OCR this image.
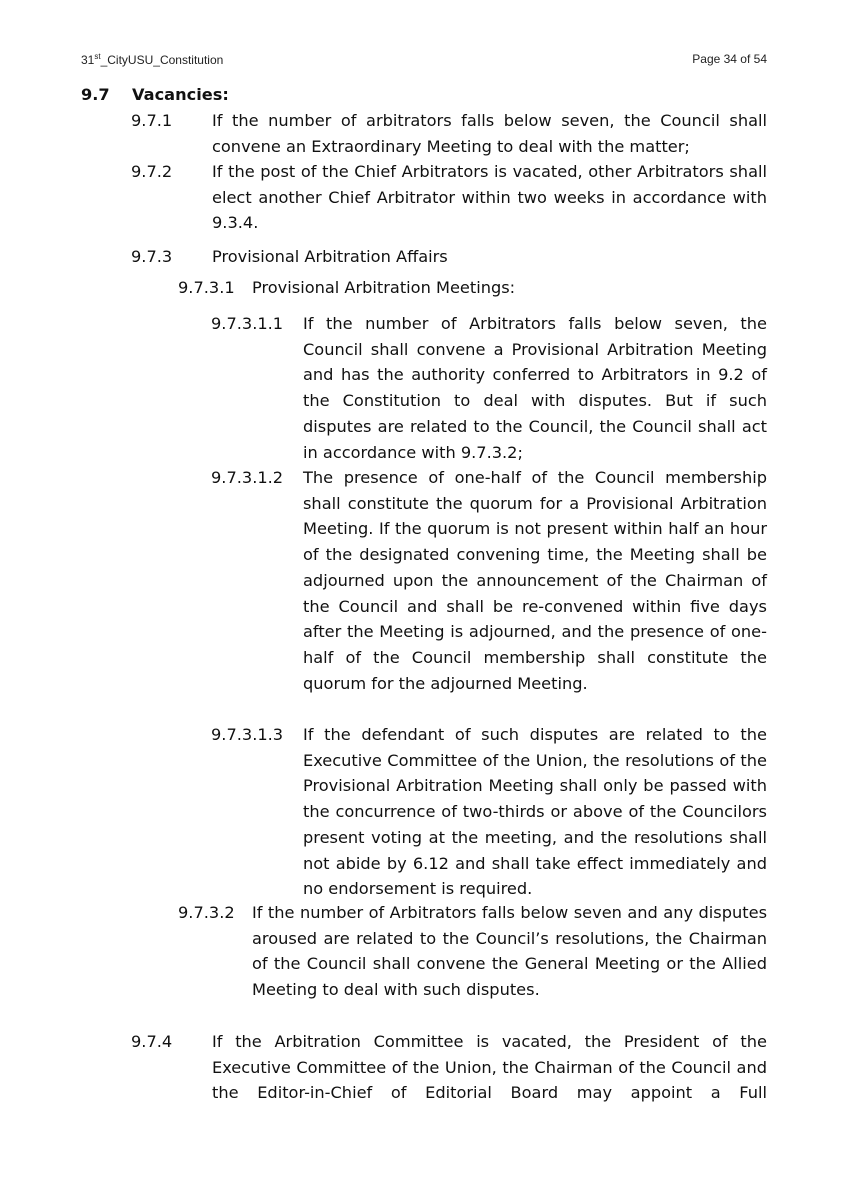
31st_CityUSU_Constitution	Page 34 of 54
9.7	Vacancies:
9.7.1	If the number of arbitrators falls below seven, the Council shall convene an Extraordinary Meeting to deal with the matter;
9.7.2	If the post of the Chief Arbitrators is vacated, other Arbitrators shall elect another Chief Arbitrator within two weeks in accordance with 9.3.4.
9.7.3	Provisional Arbitration Affairs
9.7.3.1	Provisional Arbitration Meetings:
9.7.3.1.1	If the number of Arbitrators falls below seven, the Council shall convene a Provisional Arbitration Meeting and has the authority conferred to Arbitrators in 9.2 of the Constitution to deal with disputes. But if such disputes are related to the Council, the Council shall act in accordance with 9.7.3.2;
9.7.3.1.2	The presence of one-half of the Council membership shall constitute the quorum for a Provisional Arbitration Meeting. If the quorum is not present within half an hour of the designated convening time, the Meeting shall be adjourned upon the announcement of the Chairman of the Council and shall be re-convened within five days after the Meeting is adjourned, and the presence of one-half of the Council membership shall constitute the quorum for the adjourned Meeting.
9.7.3.1.3	If the defendant of such disputes are related to the Executive Committee of the Union, the resolutions of the Provisional Arbitration Meeting shall only be passed with the concurrence of two-thirds or above of the Councilors present voting at the meeting, and the resolutions shall not abide by 6.12 and shall take effect immediately and no endorsement is required.
9.7.3.2	If the number of Arbitrators falls below seven and any disputes aroused are related to the Council’s resolutions, the Chairman of the Council shall convene the General Meeting or the Allied Meeting to deal with such disputes.
9.7.4	If the Arbitration Committee is vacated, the President of the Executive Committee of the Union, the Chairman of the Council and the Editor-in-Chief of Editorial Board may appoint a Full
